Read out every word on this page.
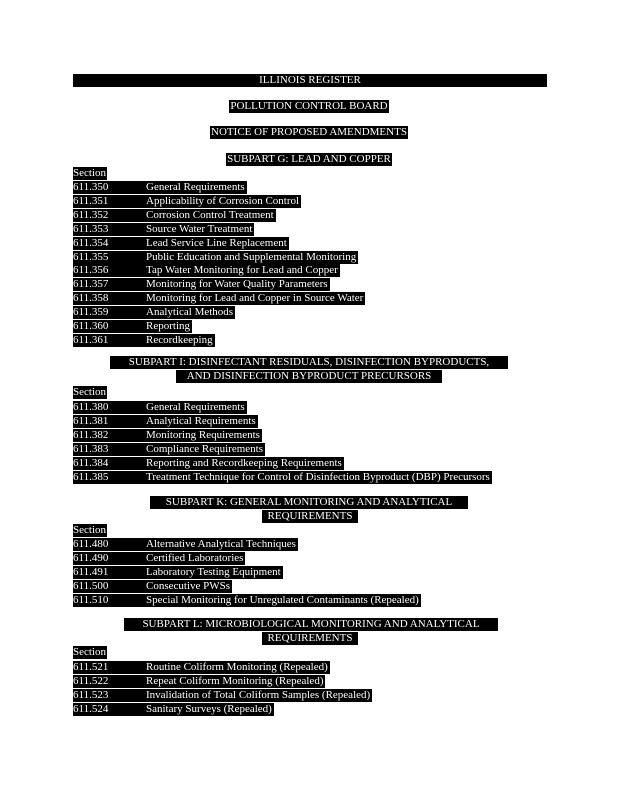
ILLINOIS REGISTER
POLLUTION CONTROL BOARD
NOTICE OF PROPOSED AMENDMENTS
SUBPART G: LEAD AND COPPER
Section
611.350	General Requirements
611.351	Applicability of Corrosion Control
611.352	Corrosion Control Treatment
611.353	Source Water Treatment
611.354	Lead Service Line Replacement
611.355	Public Education and Supplemental Monitoring
611.356	Tap Water Monitoring for Lead and Copper
611.357	Monitoring for Water Quality Parameters
611.358	Monitoring for Lead and Copper in Source Water
611.359	Analytical Methods
611.360	Reporting
611.361	Recordkeeping
SUBPART I: DISINFECTANT RESIDUALS, DISINFECTION BYPRODUCTS,
AND DISINFECTION BYPRODUCT PRECURSORS
Section
611.380	General Requirements
611.381	Analytical Requirements
611.382	Monitoring Requirements
611.383	Compliance Requirements
611.384	Reporting and Recordkeeping Requirements
611.385	Treatment Technique for Control of Disinfection Byproduct (DBP) Precursors
SUBPART K: GENERAL MONITORING AND ANALYTICAL
REQUIREMENTS
Section
611.480	Alternative Analytical Techniques
611.490	Certified Laboratories
611.491	Laboratory Testing Equipment
611.500	Consecutive PWSs
611.510	Special Monitoring for Unregulated Contaminants (Repealed)
SUBPART L: MICROBIOLOGICAL MONITORING AND ANALYTICAL
REQUIREMENTS
Section
611.521	Routine Coliform Monitoring (Repealed)
611.522	Repeat Coliform Monitoring (Repealed)
611.523	Invalidation of Total Coliform Samples (Repealed)
611.524	Sanitary Surveys (Repealed)
